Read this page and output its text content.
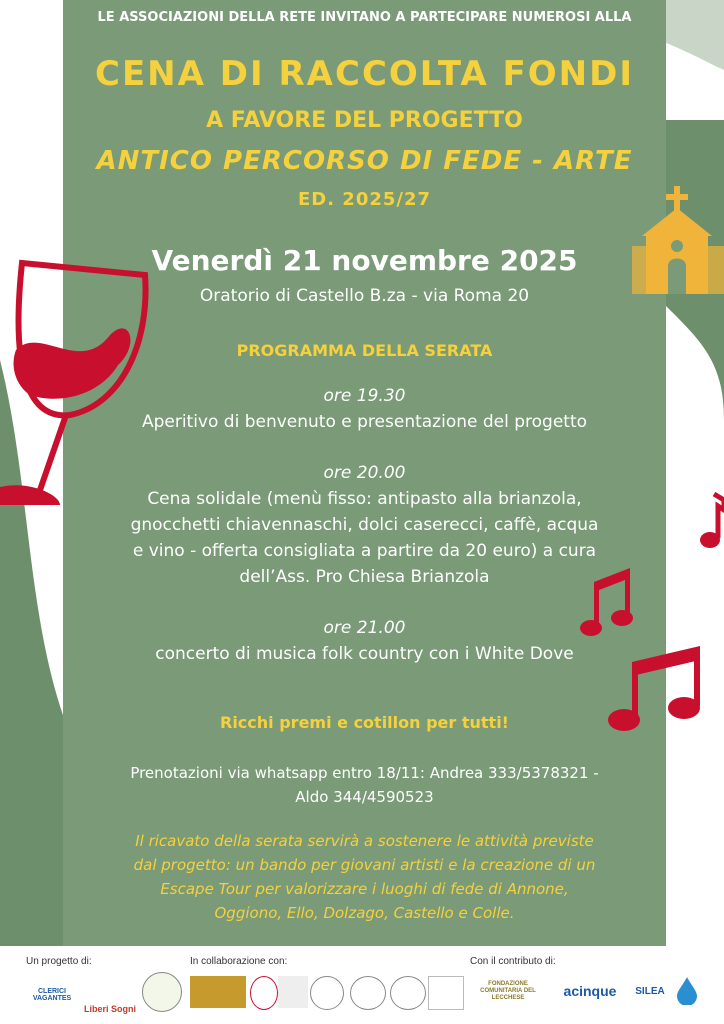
LE ASSOCIAZIONI DELLA RETE INVITANO A PARTECIPARE NUMEROSI ALLA
CENA DI RACCOLTA FONDI
A FAVORE DEL PROGETTO
ANTICO PERCORSO DI FEDE - ARTE
ED. 2025/27
Venerdì 21 novembre 2025
Oratorio di Castello B.za - via Roma 20
PROGRAMMA DELLA SERATA
ore 19.30
Aperitivo di benvenuto e presentazione del progetto
ore 20.00
Cena solidale (menù fisso: antipasto alla brianzola,
gnocchetti chiavennaschi, dolci casereccі, caffè, acqua
e vino - offerta consigliata a partire da 20 euro) a cura
dell’Ass. Pro Chiesa Brianzola
ore 21.00
concerto di musica folk country con i White Dove
Ricchi premi e cotillon per tutti!
Prenotazioni via whatsapp entro 18/11: Andrea 333/5378321 -
Aldo 344/4590523
Il ricavato della serata servirà a sostenere le attività previste
dal progetto: un bando per giovani artisti e la creazione di un
Escape Tour per valorizzare i luoghi di fede di Annone,
Oggiono, Ello, Dolzago, Castello e Colle.
Un progetto di:	In collaborazione con:	Con il contributo di:
CLERICI VAGANTES
Liberi Sogni
FONDAZIONE COMUNITARIA DEL LECCHESE	acinque	SILEA
